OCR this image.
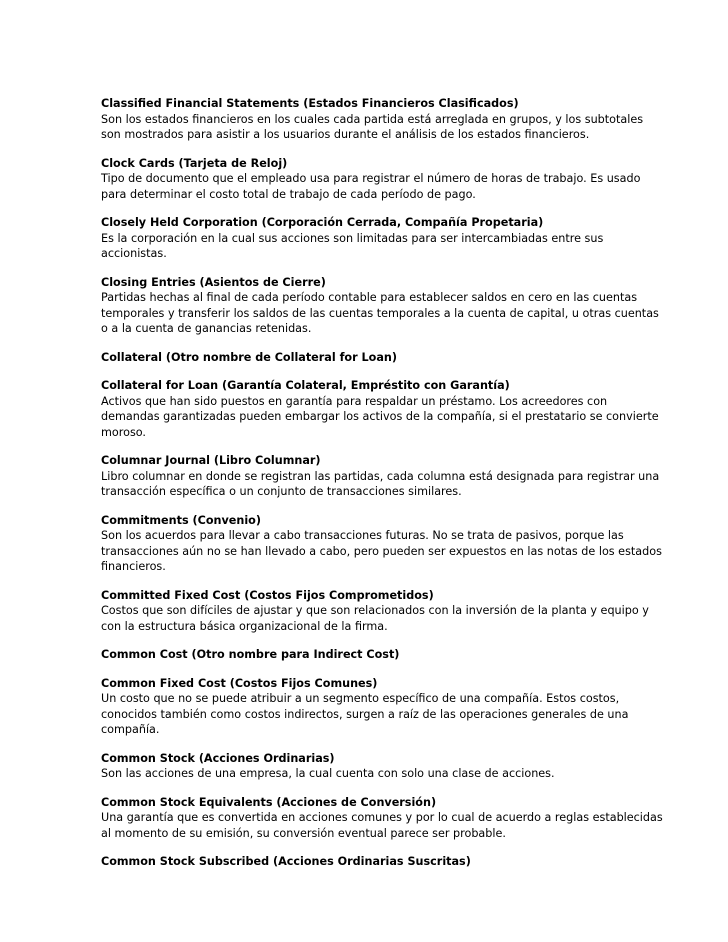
Classified Financial Statements (Estados Financieros Clasificados)
Son los estados financieros en los cuales cada partida está arreglada en grupos, y los subtotales
son mostrados para asistir a los usuarios durante el análisis de los estados financieros.
Clock Cards (Tarjeta de Reloj)
Tipo de documento que el empleado usa para registrar el número de horas de trabajo. Es usado
para determinar el costo total de trabajo de cada período de pago.
Closely Held Corporation (Corporación Cerrada, Compañía Propetaria)
Es la corporación en la cual sus acciones son limitadas para ser intercambiadas entre sus
accionistas.
Closing Entries (Asientos de Cierre)
Partidas hechas al final de cada período contable para establecer saldos en cero en las cuentas
temporales y transferir los saldos de las cuentas temporales a la cuenta de capital, u otras cuentas
o a la cuenta de ganancias retenidas.
Collateral (Otro nombre de Collateral for Loan)
Collateral for Loan (Garantía Colateral, Empréstito con Garantía)
Activos que han sido puestos en garantía para respaldar un préstamo. Los acreedores con
demandas garantizadas pueden embargar los activos de la compañía, si el prestatario se convierte
moroso.
Columnar Journal (Libro Columnar)
Libro columnar en donde se registran las partidas, cada columna está designada para registrar una
transacción específica o un conjunto de transacciones similares.
Commitments (Convenio)
Son los acuerdos para llevar a cabo transacciones futuras. No se trata de pasivos, porque las
transacciones aún no se han llevado a cabo, pero pueden ser expuestos en las notas de los estados
financieros.
Committed Fixed Cost (Costos Fijos Comprometidos)
Costos que son difíciles de ajustar y que son relacionados con la inversión de la planta y equipo y
con la estructura básica organizacional de la firma.
Common Cost (Otro nombre para Indirect Cost)
Common Fixed Cost (Costos Fijos Comunes)
Un costo que no se puede atribuir a un segmento específico de una compañía. Estos costos,
conocidos también como costos indirectos, surgen a raíz de las operaciones generales de una
compañía.
Common Stock (Acciones Ordinarias)
Son las acciones de una empresa, la cual cuenta con solo una clase de acciones.
Common Stock Equivalents (Acciones de Conversión)
Una garantía que es convertida en acciones comunes y por lo cual de acuerdo a reglas establecidas
al momento de su emisión, su conversión eventual parece ser probable.
Common Stock Subscribed (Acciones Ordinarias Suscritas)
